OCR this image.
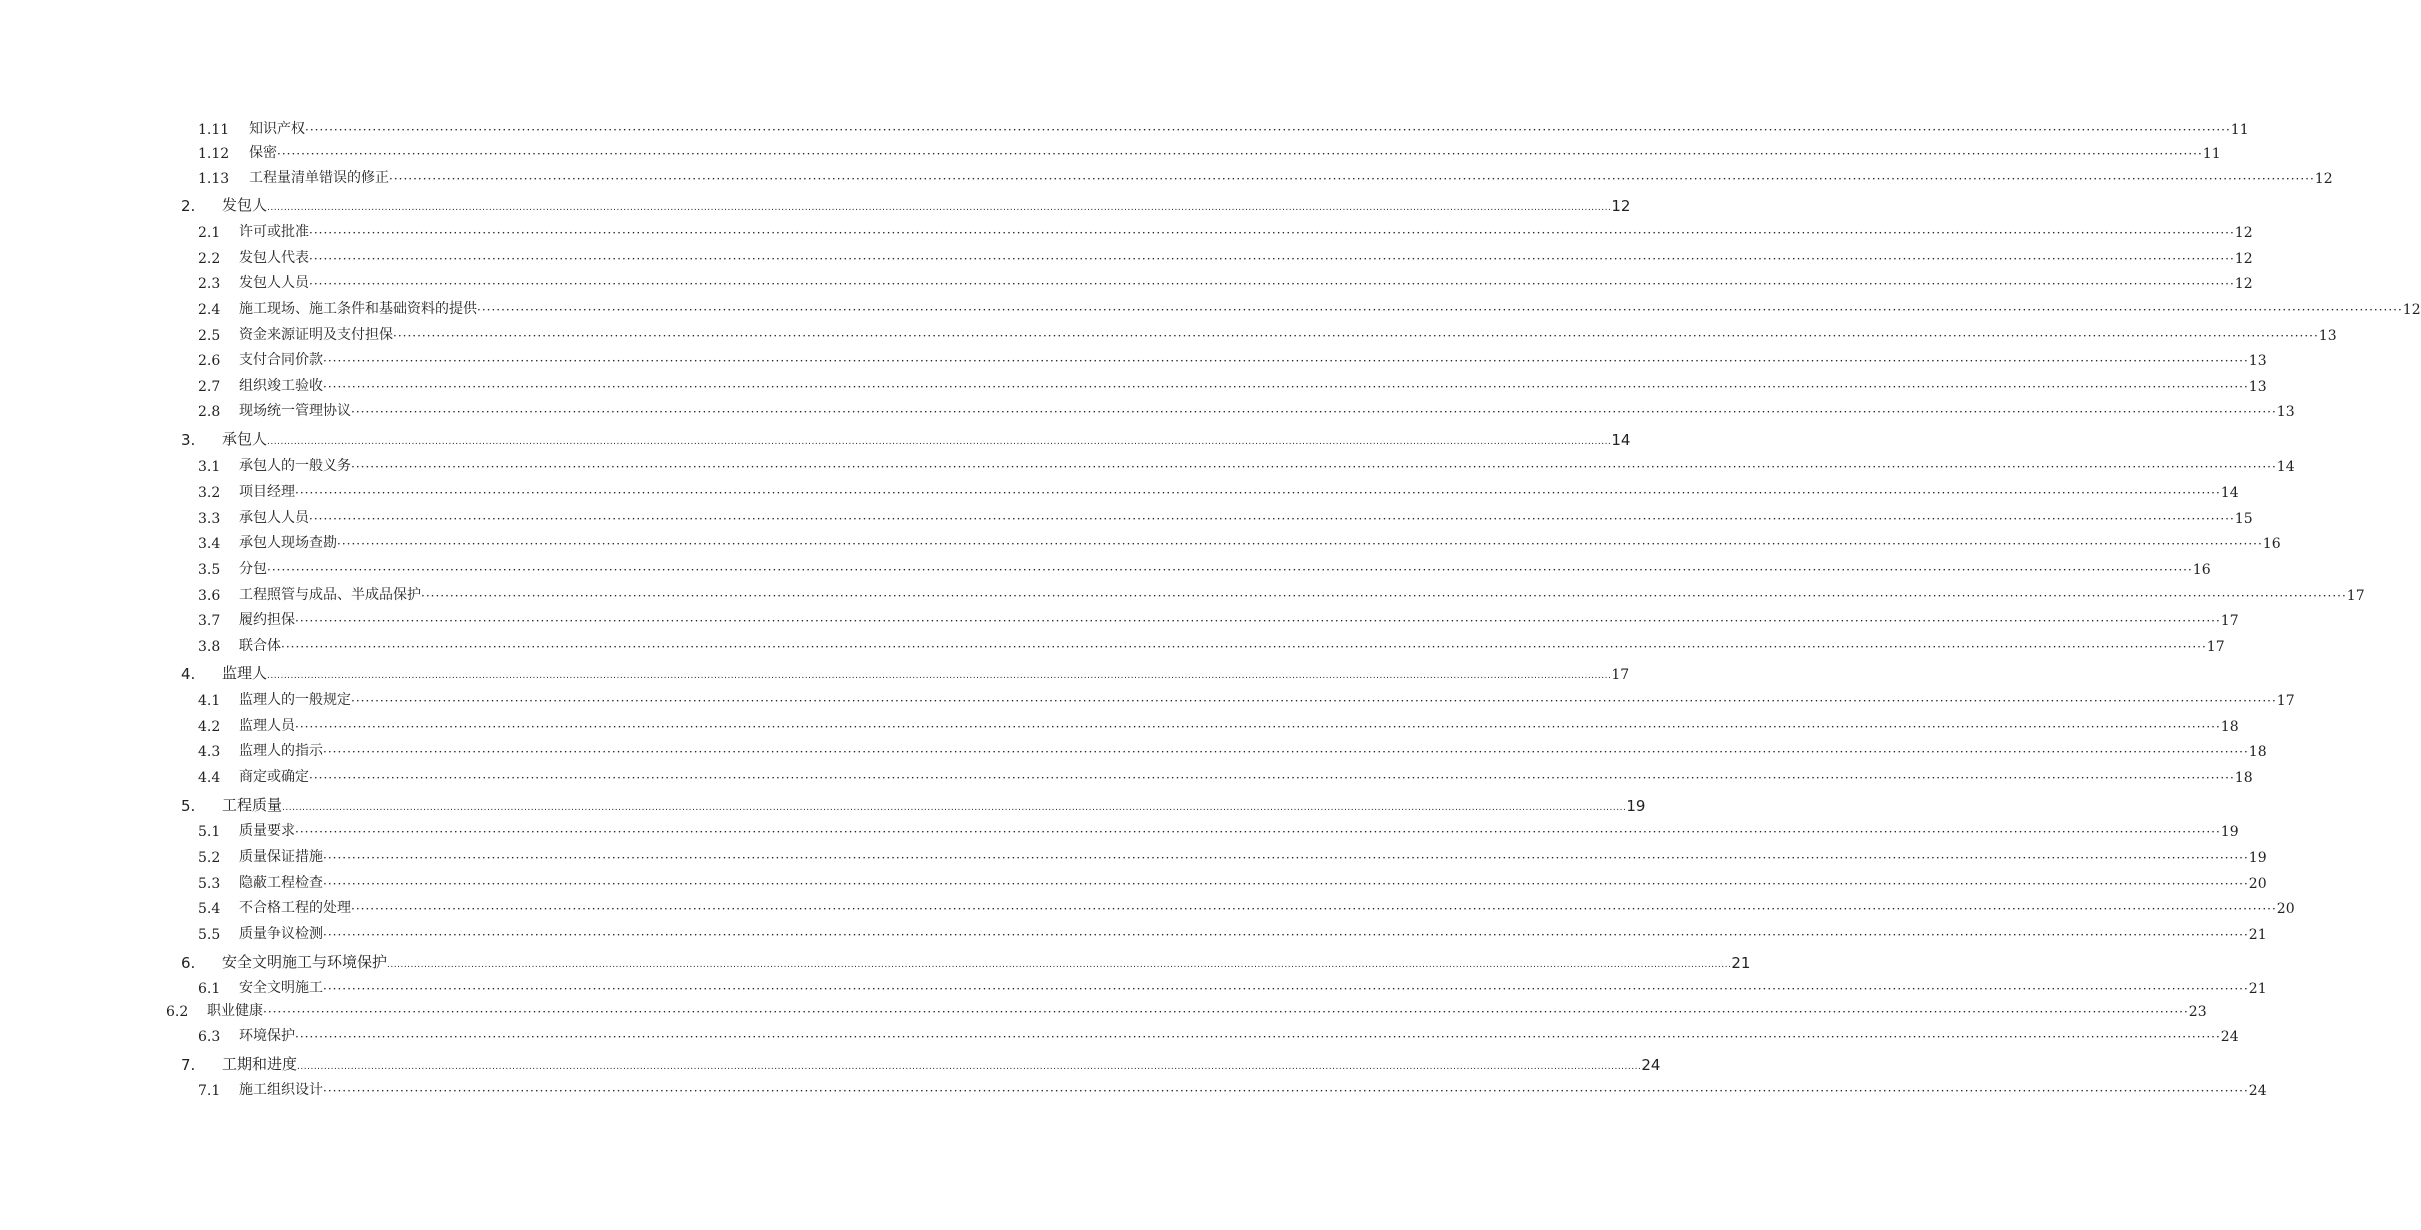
1.11	知识产权 ················································································································································································································································································································································································································ 11
1.12	保密 ················································································································································································································································································································································································································ 11
1.13	工程量清单错误的修正 ················································································································································································································································································································································································································ 12
2.	发包人 ................................................................................................................................................................................................................................................................................................................................................................................................................ 12
2.1	许可或批准 ················································································································································································································································································································································································································ 12
2.2	发包人代表 ················································································································································································································································································································································································································ 12
2.3	发包人人员 ················································································································································································································································································································································································································ 12
2.4	施工现场、施工条件和基础资料的提供 ················································································································································································································································································································································································································ 12
2.5	资金来源证明及支付担保 ················································································································································································································································································································································································································ 13
2.6	支付合同价款 ················································································································································································································································································································································································································ 13
2.7	组织竣工验收 ················································································································································································································································································································································································································ 13
2.8	现场统一管理协议 ················································································································································································································································································································································································································ 13
3.	承包人 ................................................................................................................................................................................................................................................................................................................................................................................................................ 14
3.1	承包人的一般义务 ················································································································································································································································································································································································································ 14
3.2	项目经理 ················································································································································································································································································································································································································ 14
3.3	承包人人员 ················································································································································································································································································································································································································ 15
3.4	承包人现场查勘 ················································································································································································································································································································································································································ 16
3.5	分包 ················································································································································································································································································································································································································ 16
3.6	工程照管与成品、半成品保护 ················································································································································································································································································································································································································ 17
3.7	履约担保 ················································································································································································································································································································································································································ 17
3.8	联合体 ················································································································································································································································································································································································································ 17
4.	监理人 ................................................................................................................................................................................................................................................................................................................................................................................................................ 17
4.1	监理人的一般规定 ················································································································································································································································································································································································································ 17
4.2	监理人员 ················································································································································································································································································································································································································ 18
4.3	监理人的指示 ················································································································································································································································································································································································································ 18
4.4	商定或确定 ················································································································································································································································································································································································································ 18
5.	工程质量 ................................................................................................................................................................................................................................................................................................................................................................................................................ 19
5.1	质量要求 ················································································································································································································································································································································································································ 19
5.2	质量保证措施 ················································································································································································································································································································································································································ 19
5.3	隐蔽工程检查 ················································································································································································································································································································································································································ 20
5.4	不合格工程的处理 ················································································································································································································································································································································································································ 20
5.5	质量争议检测 ················································································································································································································································································································································································································ 21
6.	安全文明施工与环境保护 ................................................................................................................................................................................................................................................................................................................................................................................................................ 21
6.1	安全文明施工 ················································································································································································································································································································································································································ 21
6.2	职业健康 ················································································································································································································································································································································································································ 23
6.3	环境保护 ················································································································································································································································································································································································································ 24
7.	工期和进度 ................................................................................................................................................................................................................................................................................................................................................................................................................ 24
7.1	施工组织设计 ················································································································································································································································································································································································································ 24
